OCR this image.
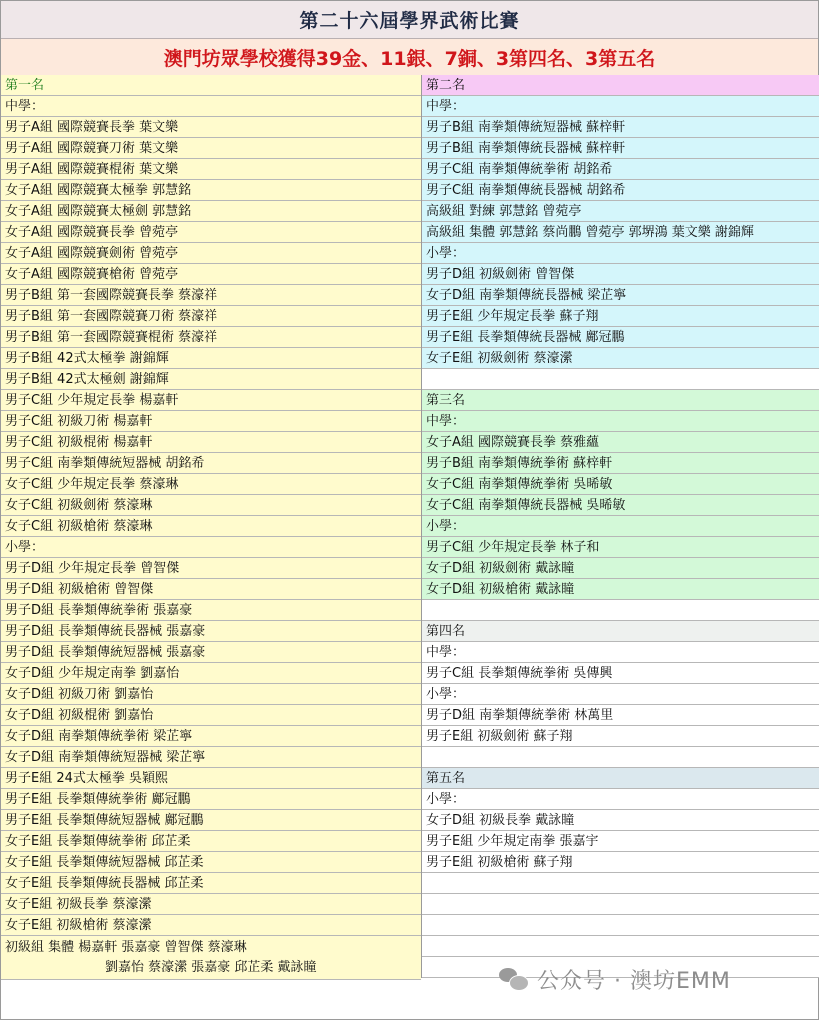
第二十六屆學界武術比賽
澳門坊眾學校獲得39金、11銀、7銅、3第四名、3第五名
第一名
中學：
男子A組 國際競賽長拳 葉文樂
男子A組 國際競賽刀術 葉文樂
男子A組 國際競賽棍術 葉文樂
女子A組 國際競賽太極拳 郭慧銘
女子A組 國際競賽太極劍 郭慧銘
女子A組 國際競賽長拳 曾菀亭
女子A組 國際競賽劍術 曾菀亭
女子A組 國際競賽槍術 曾菀亭
男子B組 第一套國際競賽長拳 蔡濠祥
男子B組 第一套國際競賽刀術 蔡濠祥
男子B組 第一套國際競賽棍術 蔡濠祥
男子B組 42式太極拳 謝錦輝
男子B組 42式太極劍 謝錦輝
男子C組 少年規定長拳 楊嘉軒
男子C組 初級刀術 楊嘉軒
男子C組 初級棍術 楊嘉軒
男子C組 南拳類傳統短器械 胡銘希
女子C組 少年規定長拳 蔡濠琳
女子C組 初級劍術 蔡濠琳
女子C組 初級槍術 蔡濠琳
小學：
男子D組 少年規定長拳 曾智傑
男子D組 初級槍術 曾智傑
男子D組 長拳類傳統拳術 張嘉豪
男子D組 長拳類傳統長器械 張嘉豪
男子D組 長拳類傳統短器械 張嘉豪
女子D組 少年規定南拳 劉嘉怡
女子D組 初級刀術 劉嘉怡
女子D組 初級棍術 劉嘉怡
女子D組 南拳類傳統拳術 梁芷寧
女子D組 南拳類傳統短器械 梁芷寧
男子E組 24式太極拳 吳穎熙
男子E組 長拳類傳統拳術 鄺冠鵬
男子E組 長拳類傳統短器械 鄺冠鵬
女子E組 長拳類傳統拳術 邱芷柔
女子E組 長拳類傳統短器械 邱芷柔
女子E組 長拳類傳統長器械 邱芷柔
女子E組 初級長拳 蔡濠瀠
女子E組 初級槍術 蔡濠瀠
初級組 集體 楊嘉軒 張嘉豪 曾智傑 蔡濠琳
劉嘉怡 蔡濠瀠 張嘉豪 邱芷柔 戴詠瞳
第二名
中學：
男子B組 南拳類傳統短器械 蘇梓軒
男子B組 南拳類傳統長器械 蘇梓軒
男子C組 南拳類傳統拳術 胡銘希
男子C組 南拳類傳統長器械 胡銘希
高級組 對練 郭慧銘 曾菀亭
高級組 集體 郭慧銘 蔡尚鵬 曾菀亭 郭堺鴻 葉文樂 謝錦輝
小學：
男子D組 初級劍術 曾智傑
女子D組 南拳類傳統長器械 梁芷寧
男子E組 少年規定長拳 蘇子翔
男子E組 長拳類傳統長器械 鄺冠鵬
女子E組 初級劍術 蔡濠瀠
第三名
中學：
女子A組 國際競賽長拳 蔡雅蘊
男子B組 南拳類傳統拳術 蘇梓軒
女子C組 南拳類傳統拳術 吳晞敏
女子C組 南拳類傳統長器械 吳晞敏
小學：
男子C組 少年規定長拳 林子和
女子D組 初級劍術 戴詠瞳
女子D組 初級槍術 戴詠瞳
第四名
中學：
男子C組 長拳類傳統拳術 吳傳興
小學：
男子D組 南拳類傳統拳術 林萬里
男子E組 初級劍術 蘇子翔
第五名
小學：
女子D組 初級長拳 戴詠瞳
男子E組 少年規定南拳 張嘉宇
男子E組 初級槍術 蘇子翔
公众号 · 澳坊EMM
